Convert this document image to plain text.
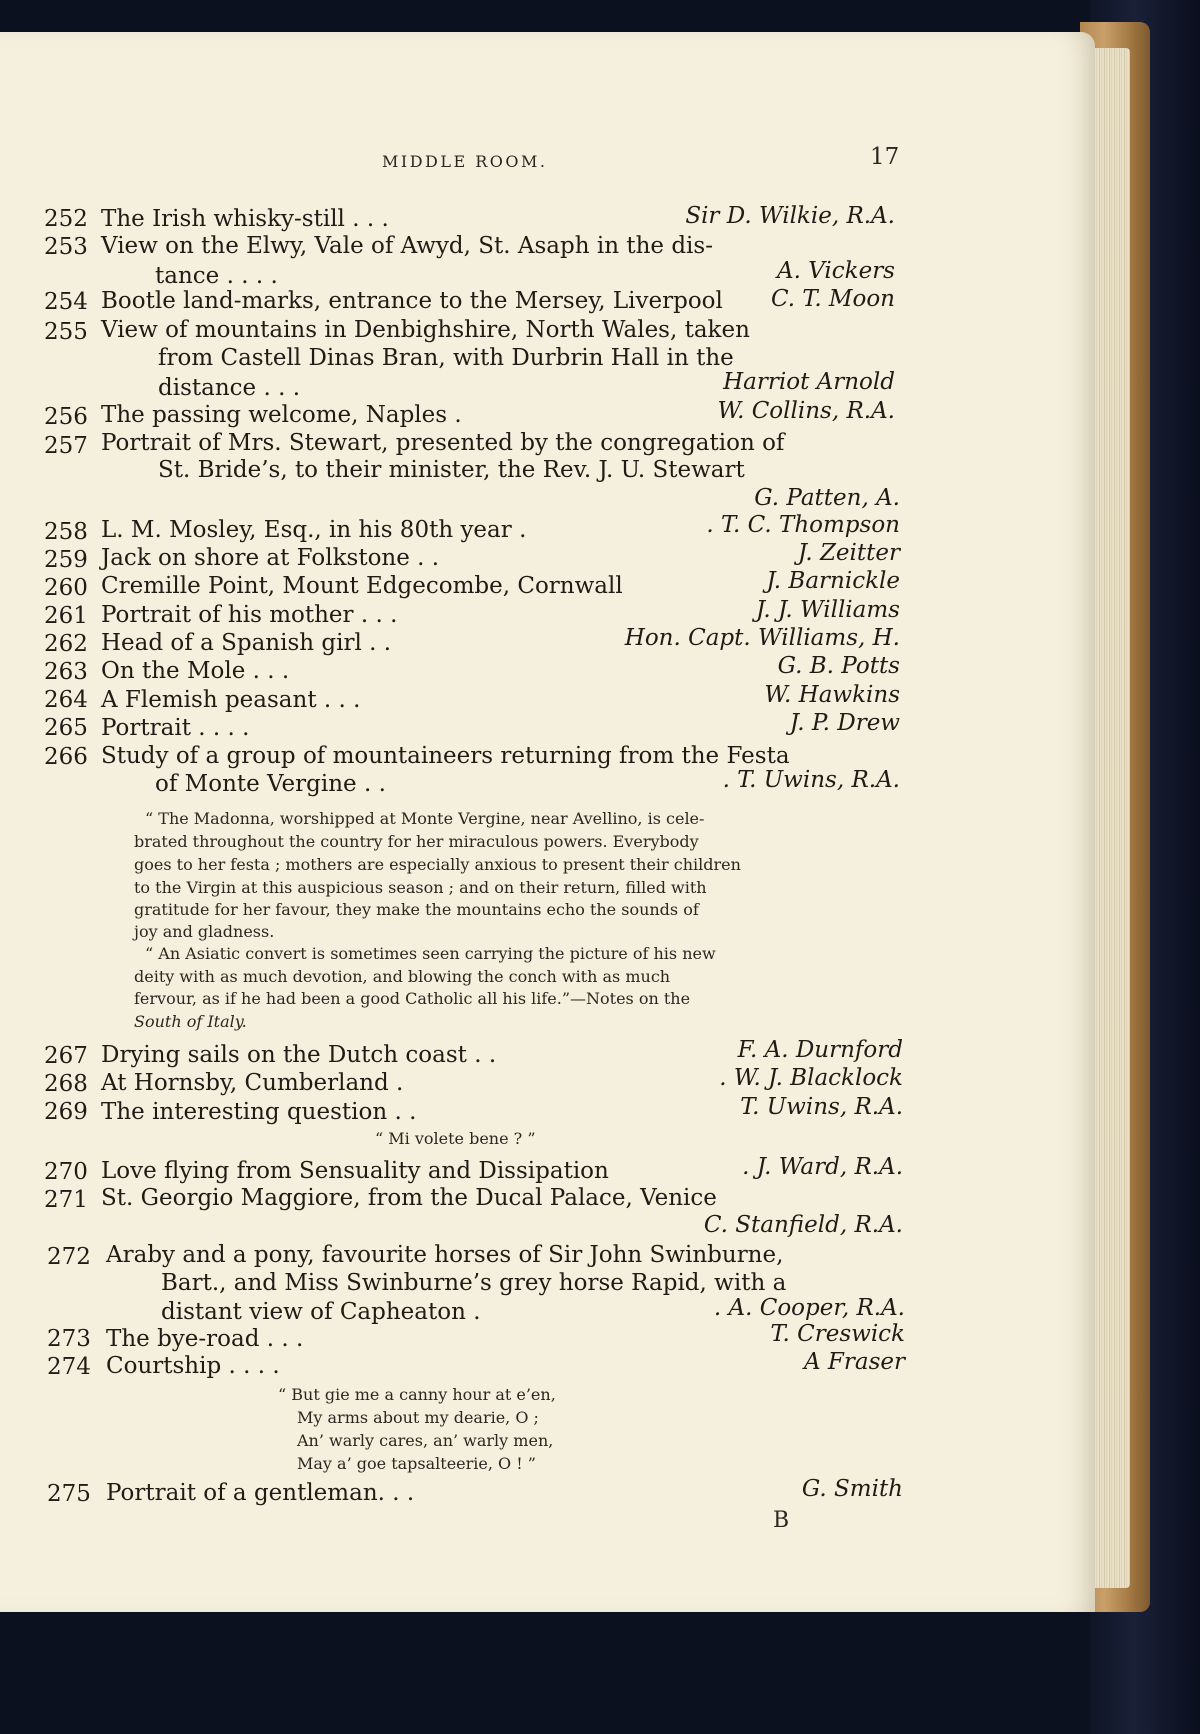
MIDDLE ROOM.	17
252 The Irish whisky-still . . .	Sir D. Wilkie, R.A.
253 View on the Elwy, Vale of Awyd, St. Asaph in the dis-
tance . . . .	A. Vickers
254 Bootle land-marks, entrance to the Mersey, Liverpool C. T. Moon
255 View of mountains in Denbighshire, North Wales, taken
from Castell Dinas Bran, with Durbrin Hall in the
distance . . .	Harriot Arnold
256 The passing welcome, Naples .	W. Collins, R.A.
257 Portrait of Mrs. Stewart, presented by the congregation of
St. Bride’s, to their minister, the Rev. J. U. Stewart
G. Patten, A.
258 L. M. Mosley, Esq., in his 80th year .	. T. C. Thompson
259 Jack on shore at Folkstone . .	J. Zeitter
260 Cremille Point, Mount Edgecombe, Cornwall	J. Barnickle
261 Portrait of his mother . . .	J. J. Williams
262 Head of a Spanish girl . .	Hon. Capt. Williams, H.
263 On the Mole . . .	G. B. Potts
264 A Flemish peasant . . .	W. Hawkins
265 Portrait . . . .	J. P. Drew
266 Study of a group of mountaineers returning from the Festa
of Monte Vergine . .	. T. Uwins, R.A.
“ The Madonna, worshipped at Monte Vergine, near Avellino, is cele-
brated throughout the country for her miraculous powers. Everybody
goes to her festa ; mothers are especially anxious to present their children
to the Virgin at this auspicious season ; and on their return, filled with
gratitude for her favour, they make the mountains echo the sounds of
joy and gladness.
“ An Asiatic convert is sometimes seen carrying the picture of his new
deity with as much devotion, and blowing the conch with as much
fervour, as if he had been a good Catholic all his life.”—Notes on the
South of Italy.
267 Drying sails on the Dutch coast . .	F. A. Durnford
268 At Hornsby, Cumberland .	. W. J. Blacklock
269 The interesting question . .	T. Uwins, R.A.
“ Mi volete bene ? ”
270 Love flying from Sensuality and Dissipation	. J. Ward, R.A.
271 St. Georgio Maggiore, from the Ducal Palace, Venice
C. Stanfield, R.A.
272 Araby and a pony, favourite horses of Sir John Swinburne,
Bart., and Miss Swinburne’s grey horse Rapid, with a
distant view of Capheaton .	. A. Cooper, R.A.
273 The bye-road . . .	T. Creswick
274 Courtship . . . .	A Fraser
“ But gie me a canny hour at e’en,
My arms about my dearie, O ;
An’ warly cares, an’ warly men,
May a’ goe tapsalteerie, O ! ”
275 Portrait of a gentleman. . .	G. Smith
B
